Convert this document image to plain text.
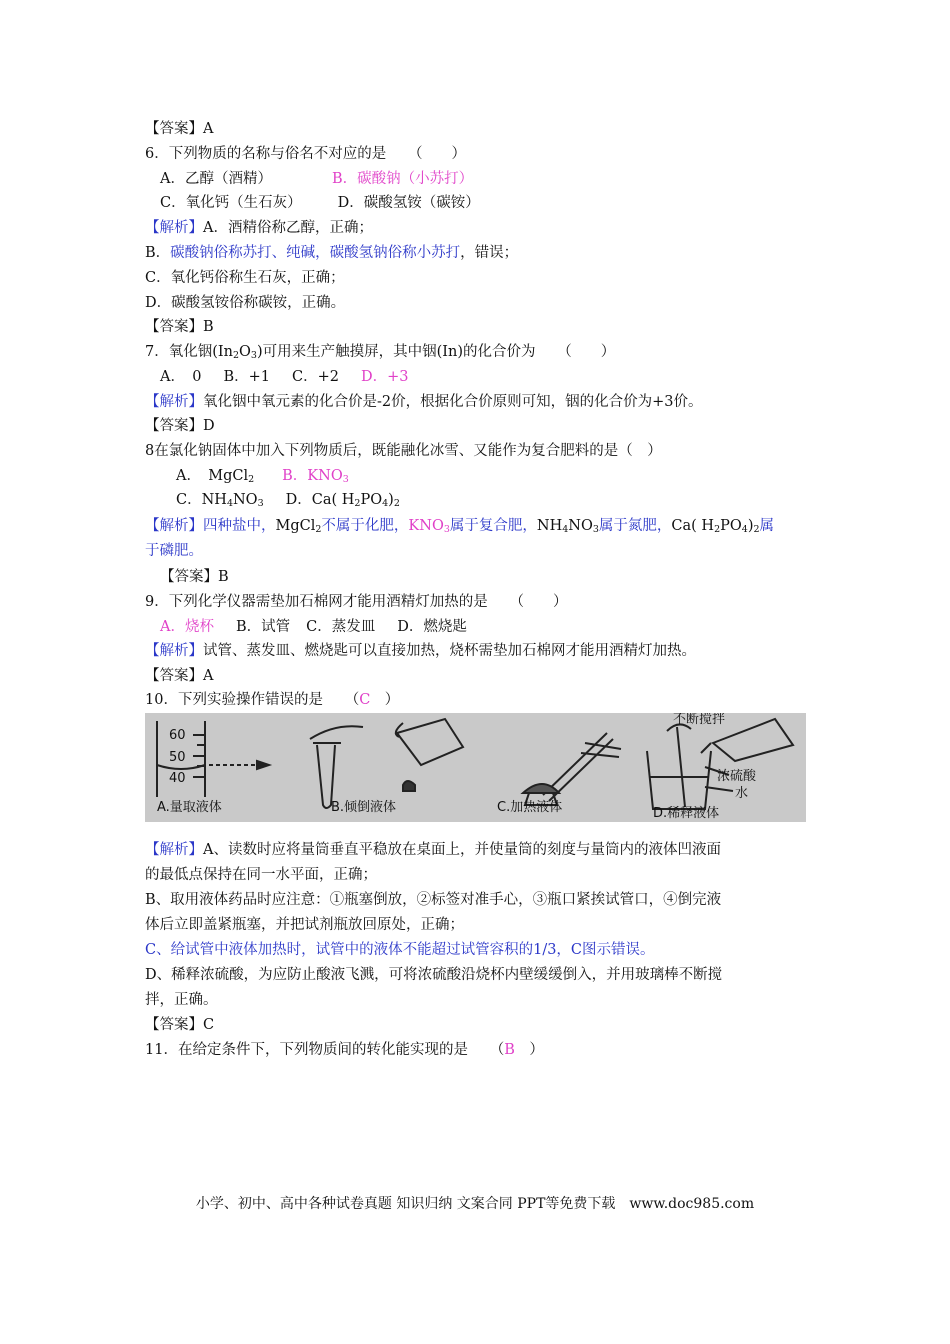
【答案】A
6．下列物质的名称与俗名不对应的是　　（　　）
A．乙醇（酒精）	B．碳酸钠（小苏打）
C．氧化钙（生石灰） D．碳酸氢铵（碳铵）
【解析】A．酒精俗称乙醇，正确；
B．碳酸钠俗称苏打、纯碱，碳酸氢钠俗称小苏打，错误；
C．氧化钙俗称生石灰，正确；
D．碳酸氢铵俗称碳铵，正确。
【答案】B
7．氧化铟$(In_2O_3)$可用来生产触摸屏，其中铟(In)的化合价为　　（　　）
A．　0 B．+1 C．+2 D．+3
【解析】氧化铟中氧元素的化合价是-2价，根据化合价原则可知，铟的化合价为+3价。
【答案】D
8在氯化钠固体中加入下列物质后，既能融化冰雪、又能作为复合肥料的是（　）
A．　MgCl$_2$ B．$KNO_3$
C．$NH_4NO_3$ D．Ca( $H_2PO_4)_2$
【解析】四种盐中，MgCl$_2$不属于化肥，$KNO_3$属于复合肥，$NH_4NO_3$属于氮肥，Ca( $H_2PO_4)_2$属
于磷肥。
【答案】B
9．下列化学仪器需垫加石棉网才能用酒精灯加热的是　　（　　）
A．烧杯 B．试管 C．蒸发皿 D．燃烧匙
【解析】试管、蒸发皿、燃烧匙可以直接加热，烧杯需垫加石棉网才能用酒精灯加热。
【答案】A
10．下列实验操作错误的是　　（C　）
60
50
40
不断搅拌
浓硫酸
水
A.量取液体	B.倾倒液体	C.加热液体	D.稀释液体
【解析】A、读数时应将量筒垂直平稳放在桌面上，并使量筒的刻度与量筒内的液体凹液面
的最低点保持在同一水平面，正确；
B、取用液体药品时应注意：①瓶塞倒放，②标签对准手心，③瓶口紧挨试管口，④倒完液
体后立即盖紧瓶塞，并把试剂瓶放回原处，正确；
C、给试管中液体加热时，试管中的液体不能超过试管容积的1/3，C图示错误。
D、稀释浓硫酸，为应防止酸液飞溅，可将浓硫酸沿烧杯内壁缓缓倒入，并用玻璃棒不断搅
拌，正确。
【答案】C
11．在给定条件下，下列物质间的转化能实现的是　　（B　）
小学、初中、高中各种试卷真题 知识归纳 文案合同 PPT等免费下载　www.doc985.com
